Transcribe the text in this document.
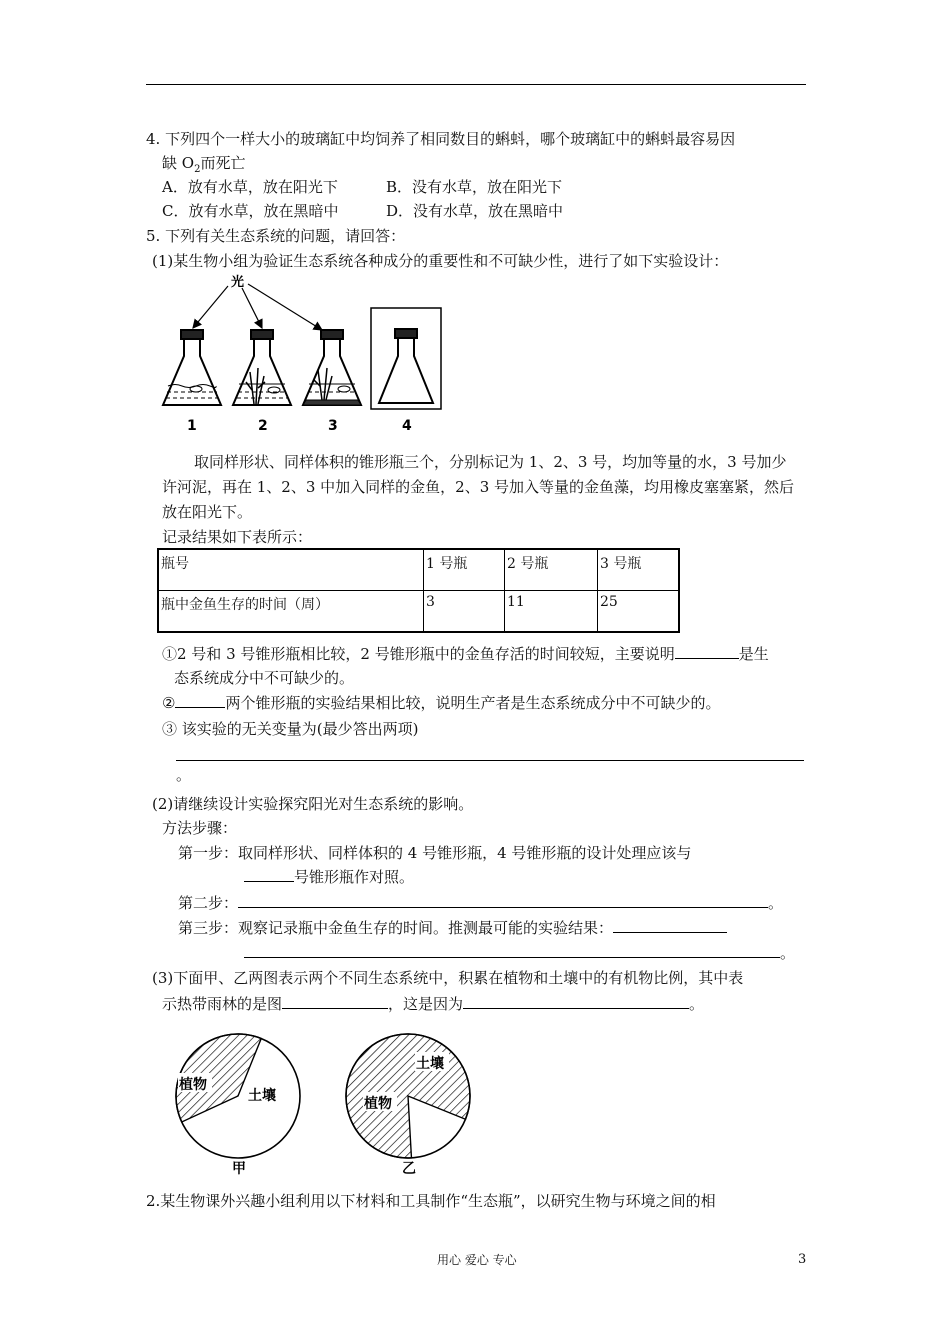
4. 下列四个一样大小的玻璃缸中均饲养了相同数目的蝌蚪，哪个玻璃缸中的蝌蚪最容易因
缺 $O_2$而死亡
A．放有水草，放在阳光下	B．没有水草，放在阳光下
C．放有水草，放在黑暗中	D．没有水草，放在黑暗中
5. 下列有关生态系统的问题，请回答：
(1)某生物小组为验证生态系统各种成分的重要性和不可缺少性，进行了如下实验设计：
光
1	2	3	4
取同样形状、同样体积的锥形瓶三个，分别标记为 1、2、3 号，均加等量的水，3 号加少
许河泥，再在 1、2、3 中加入同样的金鱼，2、3 号加入等量的金鱼藻，均用橡皮塞塞紧，然后
放在阳光下。
记录结果如下表所示：
瓶号	1 号瓶	2 号瓶	3 号瓶
瓶中金鱼生存的时间（周）	3	11	25
①2 号和 3 号锥形瓶相比较，2 号锥形瓶中的金鱼存活的时间较短，主要说明	是生
态系统成分中不可缺少的。
②	两个锥形瓶的实验结果相比较，说明生产者是生态系统成分中不可缺少的。
③ 该实验的无关变量为(最少答出两项)
。
(2)请继续设计实验探究阳光对生态系统的影响。
方法步骤：
第一步：取同样形状、同样体积的 4 号锥形瓶，4 号锥形瓶的设计处理应该与
号锥形瓶作对照。
第二步：	。
第三步：观察记录瓶中金鱼生存的时间。推测最可能的实验结果：
。
(3)下面甲、乙两图表示两个不同生态系统中，积累在植物和土壤中的有机物比例，其中表
示热带雨林的是图	，这是因为	。
植物
土壤
甲
植物
土壤
乙
2.某生物课外兴趣小组利用以下材料和工具制作“生态瓶”，以研究生物与环境之间的相
用心 爱心 专心	3
